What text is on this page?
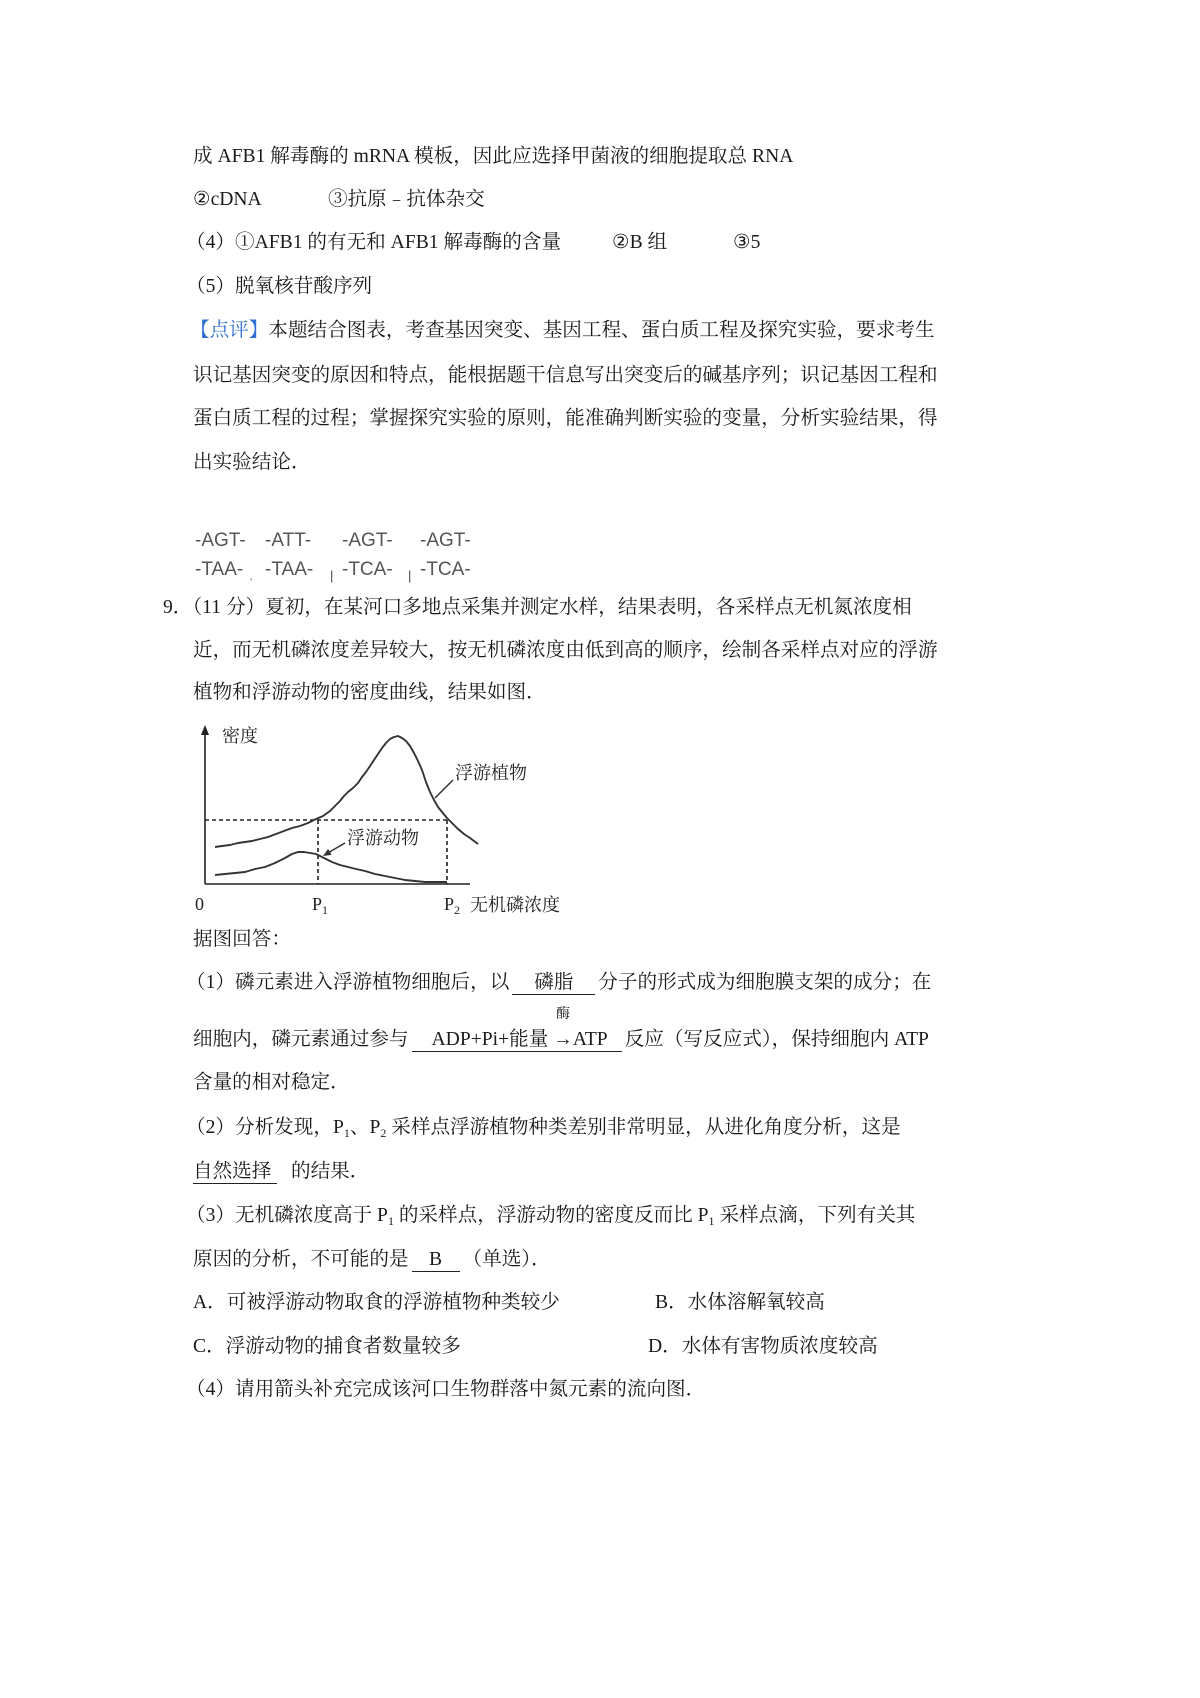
成 AFB1 解毒酶的 mRNA 模板，因此应选择甲菌液的细胞提取总 RNA
②cDNA	③抗原﹣抗体杂交
（4）①AFB1 的有无和 AFB1 解毒酶的含量	②B 组	③5
（5）脱氧核苷酸序列
【点评】本题结合图表，考查基因突变、基因工程、蛋白质工程及探究实验，要求考生
识记基因突变的原因和特点，能根据题干信息写出突变后的碱基序列；识记基因工程和
蛋白质工程的过程；掌握探究实验的原则，能准确判断实验的变量，分析实验结果，得
出实验结论．
-AGT- -ATT- -AGT- -AGT-
-TAA- -TAA- -TCA- -TCA-
ˌ	|	|
9．（11 分）夏初，在某河口多地点采集并测定水样，结果表明，各采样点无机氮浓度相
近，而无机磷浓度差异较大，按无机磷浓度由低到高的顺序，绘制各采样点对应的浮游
植物和浮游动物的密度曲线，结果如图．
密度
浮游植物
浮游动物
0	$P_1$	$P_2$ 无机磷浓度
据图回答：
（1）磷元素进入浮游植物细胞后，以 磷脂 分子的形式成为细胞膜支架的成分；在
细胞内，磷元素通过参与 ADP+Pi+能量
酶
→ATP 反应（写反应式），保持细胞内 ATP
含量的相对稳定．
（2）分析发现，$P_1$、$P_2$ 采样点浮游植物种类差别非常明显，从进化角度分析，这是
自然选择 的结果．
（3）无机磷浓度高于 $P_1$ 的采样点，浮游动物的密度反而比 $P_1$ 采样点滴，下列有关其
原因的分析，不可能的是 B （单选）．
A．可被浮游动物取食的浮游植物种类较少	B．水体溶解氧较高
C．浮游动物的捕食者数量较多	D．水体有害物质浓度较高
（4）请用箭头补充完成该河口生物群落中氮元素的流向图．
